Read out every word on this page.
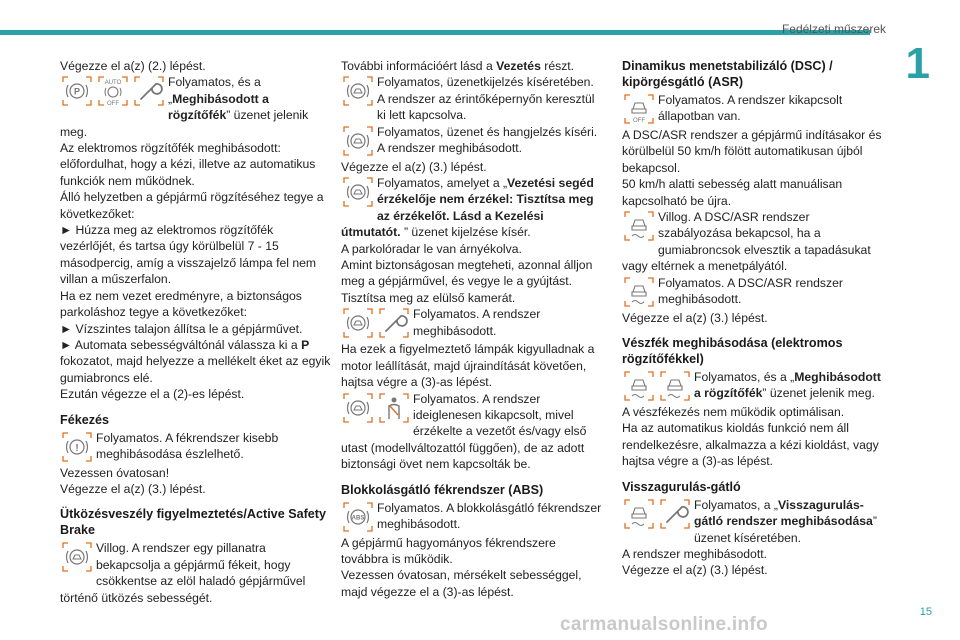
Fedélzeti műszerek
1
15
carmanualsonline.info

Végezze el a(z) (2.) lépést.

P
AUTO
OFF
Folyamatos, és a „Meghibásodott a rögzítőfék” üzenet jelenik meg.

Az elektromos rögzítőfék meghibásodott: előfordulhat, hogy a kézi, illetve az automatikus funkciók nem működnek.

Álló helyzetben a gépjármű rögzítéséhez tegye a következőket:

► Húzza meg az elektromos rögzítőfék vezérlőjét, és tartsa úgy körülbelül 7 - 15 másodpercig, amíg a visszajelző lámpa fel nem villan a műszerfalon.

Ha ez nem vezet eredményre, a biztonságos parkoláshoz tegye a következőket:

► Vízszintes talajon állítsa le a gépjárművet.

► Automata sebességváltónál válassza ki a P fokozatot, majd helyezze a mellékelt éket az egyik gumiabroncs elé.

Ezután végezze el a (2)-es lépést.

Fékezés
!
Folyamatos. A fékrendszer kisebb meghibásodása észlelhető.

Vezessen óvatosan!

Végezze el a(z) (3.) lépést.

Ütközésveszély figyelmeztetés/Active Safety Brake
Villog. A rendszer egy pillanatra bekapcsolja a gépjármű fékeit, hogy csökkentse az elöl haladó gépjárművel történő ütközés sebességét.

További információért lásd a Vezetés részt.

Folyamatos, üzenetkijelzés kíséretében. A rendszer az érintőképernyőn keresztül ki lett kapcsolva.
Folyamatos, üzenet és hangjelzés kíséri. A rendszer meghibásodott.

Végezze el a(z) (3.) lépést.

Folyamatos, amelyet a „Vezetési segéd érzékelője nem érzékel: Tisztítsa meg az érzékelőt. Lásd a Kezelési útmutatót. ” üzenet kijelzése kísér.

A parkolóradar le van árnyékolva.

Amint biztonságosan megteheti, azonnal álljon meg a gépjárművel, és vegye le a gyújtást.

Tisztítsa meg az elülső kamerát.

Folyamatos. A rendszer meghibásodott.

Ha ezek a figyelmeztető lámpák kigyulladnak a motor leállítását, majd újraindítását követően, hajtsa végre a (3)-as lépést.

Folyamatos. A rendszer ideiglenesen kikapcsolt, mivel érzékelte a vezetőt és/vagy első utast (modellváltozattól függően), de az adott biztonsági övet nem kapcsolták be.
Blokkolásgátló fékrendszer (ABS)
ABS
Folyamatos. A blokkolásgátló fékrendszer meghibásodott.

A gépjármű hagyományos fékrendszere továbbra is működik.

Vezessen óvatosan, mérsékelt sebességgel, majd végezze el a (3)-as lépést.

Dinamikus menetstabilizáló (DSC) / kipörgésgátló (ASR)
OFF
Folyamatos. A rendszer kikapcsolt állapotban van.

A DSC/ASR rendszer a gépjármű indításakor és körülbelül 50 km/h fölött automatikusan újból bekapcsol.

50 km/h alatti sebesség alatt manuálisan kapcsolható be újra.

Villog. A DSC/ASR rendszer szabályozása bekapcsol, ha a gumiabroncsok elvesztik a tapadásukat vagy eltérnek a menetpályától.
Folyamatos. A DSC/ASR rendszer meghibásodott.

Végezze el a(z) (3.) lépést.

Vészfék meghibásodása (elektromos rögzítőfékkel)
Folyamatos, és a „Meghibásodott a rögzítőfék” üzenet jelenik meg.

A vészfékezés nem működik optimálisan.

Ha az automatikus kioldás funkció nem áll rendelkezésre, alkalmazza a kézi kioldást, vagy hajtsa végre a (3)-as lépést.

Visszagurulás-gátló
Folyamatos, a „Visszagurulás-gátló rendszer meghibásodása” üzenet kíséretében.

A rendszer meghibásodott.

Végezze el a(z) (3.) lépést.
